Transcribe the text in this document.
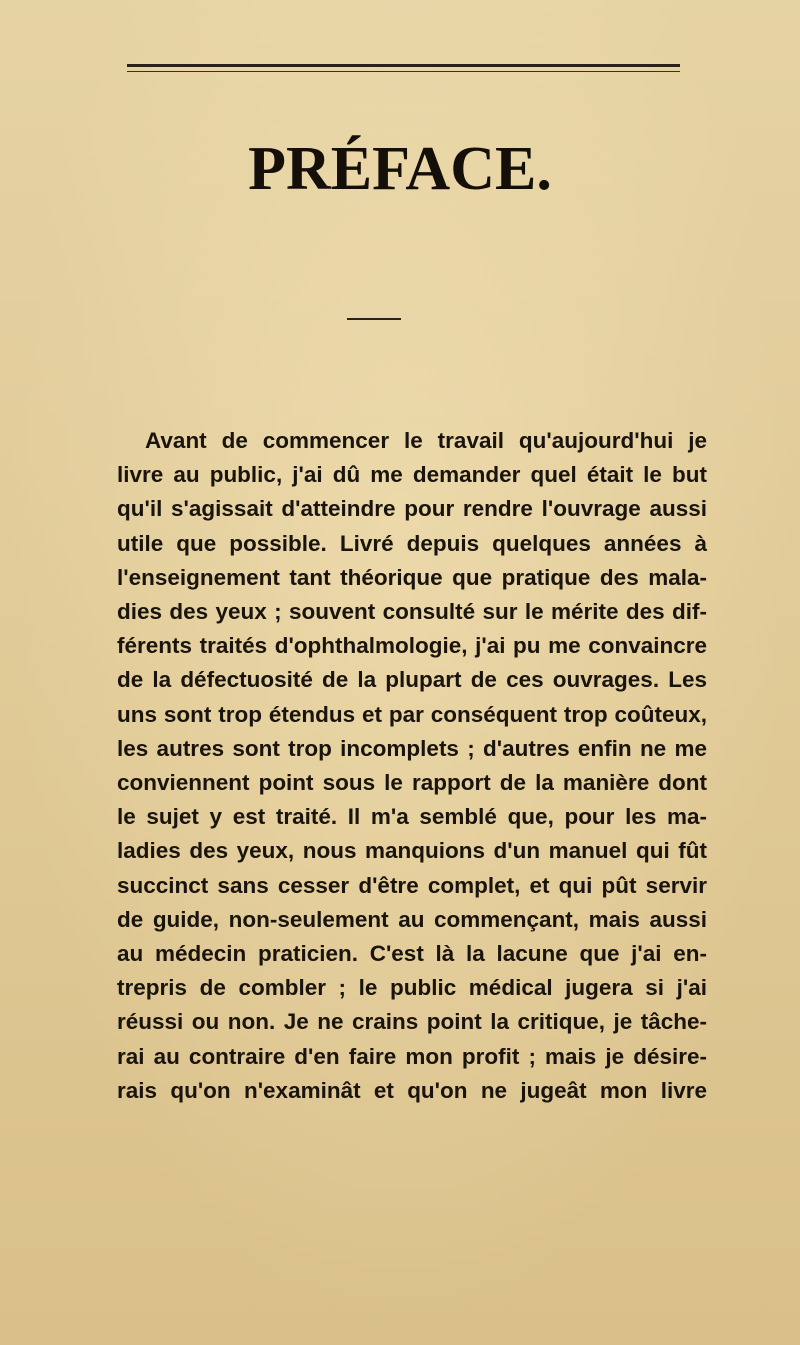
PRÉFACE.
Avant de commencer le travail qu'aujourd'hui je
livre au public, j'ai dû me demander quel était le but
qu'il s'agissait d'atteindre pour rendre l'ouvrage aussi
utile que possible. Livré depuis quelques années à
l'enseignement tant théorique que pratique des mala-
dies des yeux ; souvent consulté sur le mérite des dif-
férents traités d'ophthalmologie, j'ai pu me convaincre
de la défectuosité de la plupart de ces ouvrages. Les
uns sont trop étendus et par conséquent trop coûteux,
les autres sont trop incomplets ; d'autres enfin ne me
conviennent point sous le rapport de la manière dont
le sujet y est traité. Il m'a semblé que, pour les ma-
ladies des yeux, nous manquions d'un manuel qui fût
succinct sans cesser d'être complet, et qui pût servir
de guide, non-seulement au commençant, mais aussi
au médecin praticien. C'est là la lacune que j'ai en-
trepris de combler ; le public médical jugera si j'ai
réussi ou non. Je ne crains point la critique, je tâche-
rai au contraire d'en faire mon profit ; mais je désire-
rais qu'on n'examinât et qu'on ne jugeât mon livre
